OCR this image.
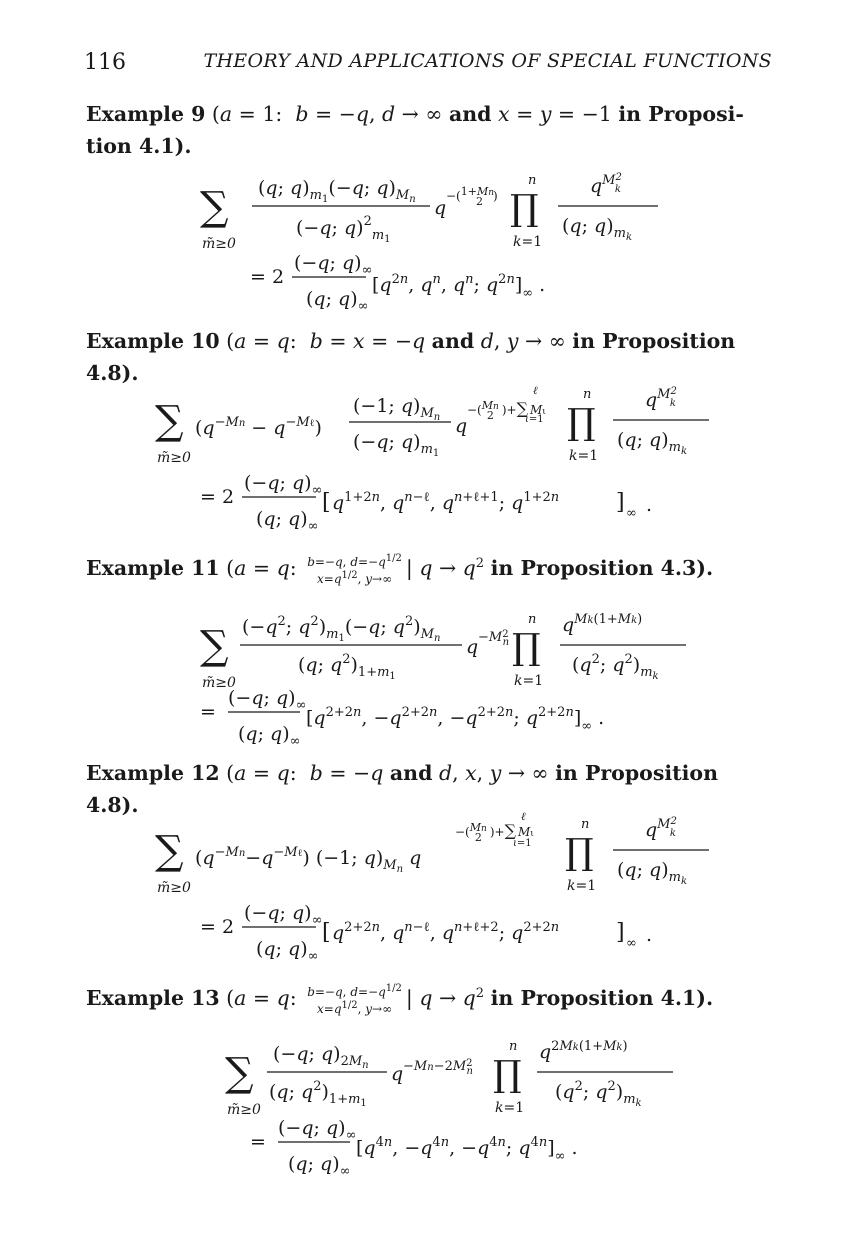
116	THEORY AND APPLICATIONS OF SPECIAL FUNCTIONS
Example 9 (a = 1:  b = −q, d → ∞ and x = y = −1 in Proposi-
tion 4.1).
∑
m̃≥0
(q; $q)_m1(-q$; $q)_Mn$
(−q; q)$^2_m$1
q
−(1+Mn 2 )
n
∏
k=1
$q^{M2}$ k
(q; $q)_mk$
= 2
(−q; $q)_\infty$
(q; $q)_\infty$
[$q^{2n}$, $q^n$, $q^n$; $q^{2n}]_\infty$ .
Example 10 (a = q:  b = x = −q and d, y → ∞ in Proposition 4.8).
∑
m̃≥0
$(q^{-Mn} - q^{-M\ell})$
(−1; $q)_Mn$
(−q; $q)_m1$
q
−(Mn 2 )+∑ Mι
ℓ
ι=1
n
∏
k=1
$q^{M2}$ k
(q; $q)_mk$
= 2
(−q; $q)_\infty$
(q; $q)_\infty$
[ $q^{1+2n}$, $q^{n-\ell}$, $q^{n+\ell+1}$; $q^{1+2n}$	] ∞ .
Example 11 (a = q: b=−q, $d=-q^{1/2}$
$x=q^{1/2}$, y→∞ | $q \to q^2$ in Proposition 4.3).
∑
m̃≥0
($-q^2$; $q^2)_m1(-q$; $q^2)_Mn$
(q; $q^2)_{1+m}1$
$q -M^2$ n
n
∏
k=1
$q^{Mk(1+Mk)}$
($q^2$; $q^2)_mk$
=
(−q; $q)_\infty$
(q; $q)_\infty$
[$q^{2+2n}$, $-q^{2+2n}$, $-q^{2+2n}$; $q^{2+2n}]_\infty$ .
Example 12 (a = q:  b = −q and d, x, y → ∞ in Proposition 4.8).
∑
m̃≥0
$(q^{-Mn}-q^{-M\ell})$ (−1; $q)_Mn$ q
−(Mn 2 )+∑ Mι
ℓ
ι=1
n
∏
k=1
$q^{M2}$ k
(q; $q)_mk$
= 2
(−q; $q)_\infty$
(q; $q)_\infty$
[ $q^{2+2n}$, $q^{n-\ell}$, $q^{n+\ell+2}$; $q^{2+2n}$	] ∞ .
Example 13 (a = q: b=−q, $d=-q^{1/2}$
$x=q^{1/2}$, y→∞ | $q \to q^2$ in Proposition 4.1).
∑
m̃≥0
(−q; $q)_{2M}n$
(q; $q^2)_{1+m}1$
$q -Mn-2M^2$ n
n
∏
k=1
$q^{2Mk(1+Mk)}$
($q^2$; $q^2)_mk$
=
(−q; $q)_\infty$
(q; $q)_\infty$
[$q^{4n}$, $-q^{4n}$, $-q^{4n}$; $q^{4n}]_\infty$ .
